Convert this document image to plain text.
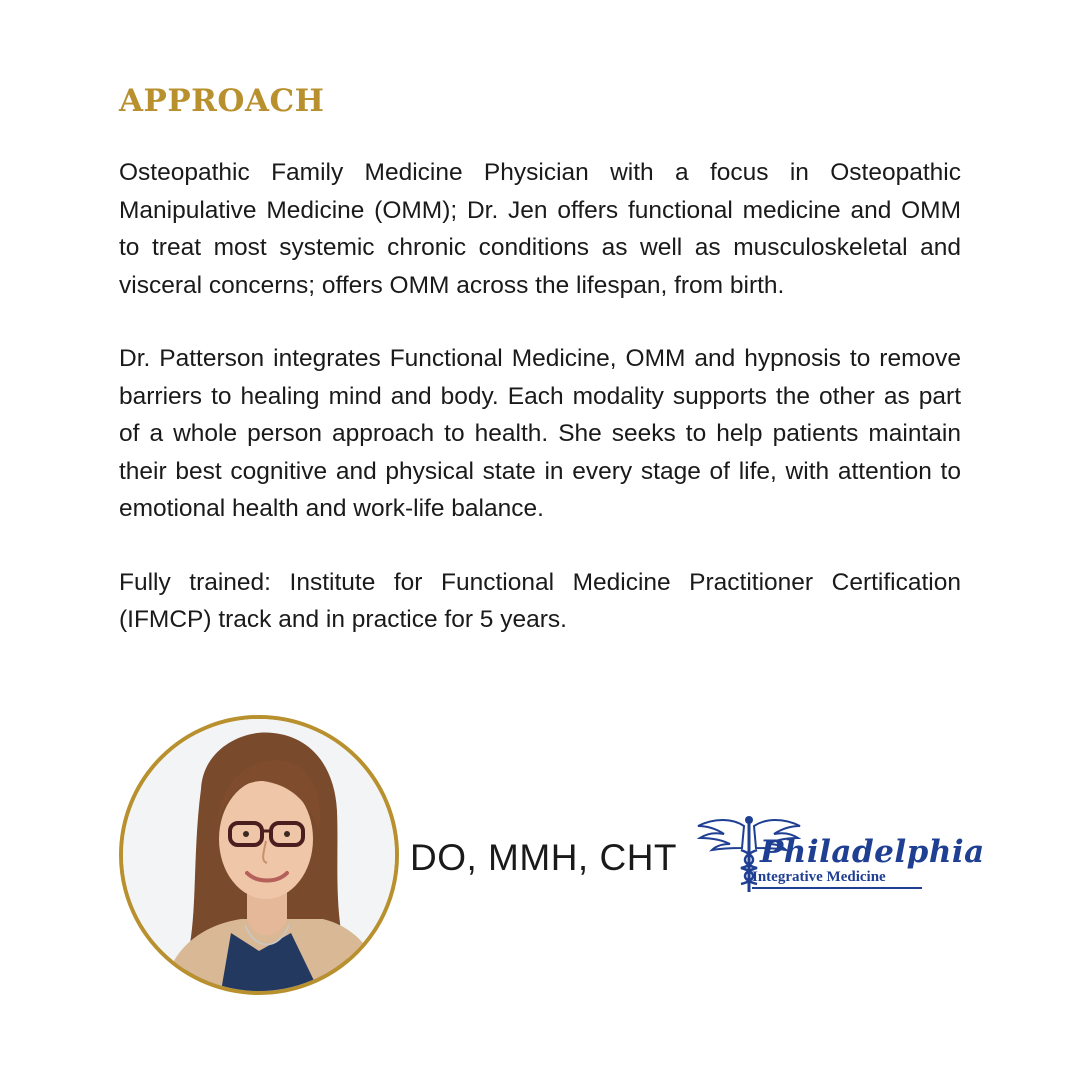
APPROACH

Osteopathic Family Medicine Physician with a focus in Osteopathic Manipulative Medicine (OMM); Dr. Jen offers functional medicine and OMM to treat most systemic chronic conditions as well as musculoskeletal and visceral concerns; offers OMM across the lifespan, from birth.

Dr. Patterson integrates Functional Medicine, OMM and hypnosis to remove barriers to healing mind and body. Each modality supports the other as part of a whole person approach to health. She seeks to help patients maintain their best cognitive and physical state in every stage of life, with attention to emotional health and work-life balance.

Fully trained: Institute for Functional Medicine Practitioner Certification (IFMCP) track and in practice for 5 years.

DO, MMH, CHT	Philadelphia
Integrative Medicine
